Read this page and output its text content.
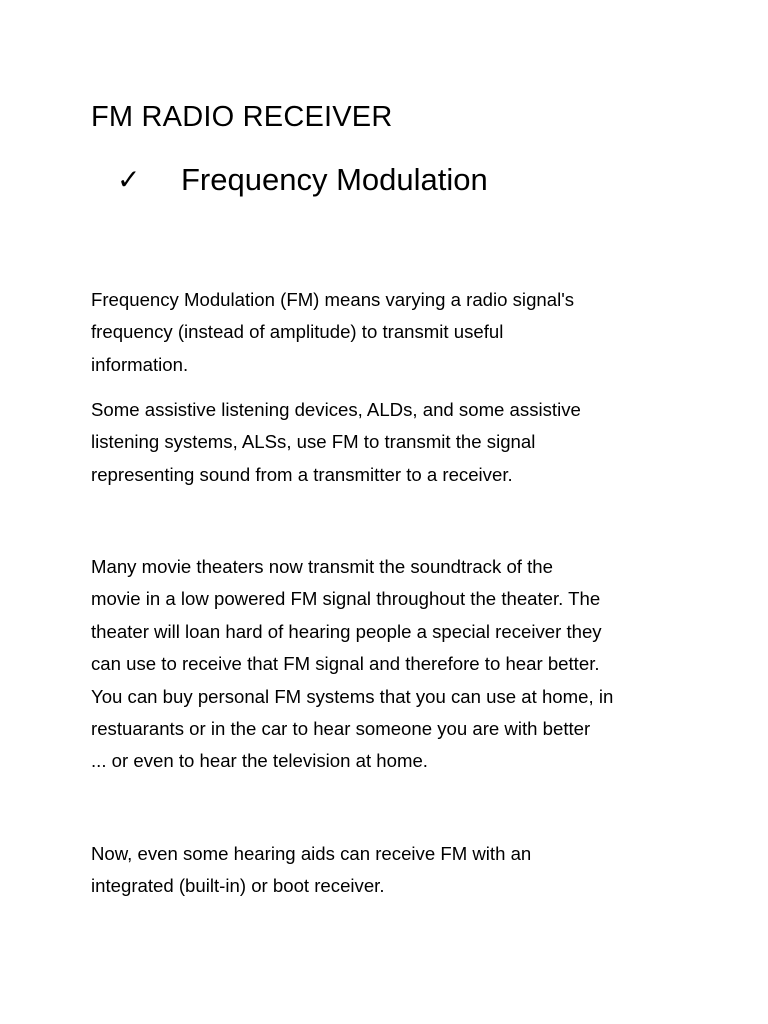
FM RADIO RECEIVER
✓ Frequency Modulation

Frequency Modulation (FM) means varying a radio signal's
frequency (instead of amplitude) to transmit useful
information.

Some assistive listening devices, ALDs, and some assistive
listening systems, ALSs, use FM to transmit the signal
representing sound from a transmitter to a receiver.

Many movie theaters now transmit the soundtrack of the
movie in a low powered FM signal throughout the theater. The
theater will loan hard of hearing people a special receiver they
can use to receive that FM signal and therefore to hear better.
You can buy personal FM systems that you can use at home, in
restuarants or in the car to hear someone you are with better
... or even to hear the television at home.

Now, even some hearing aids can receive FM with an
integrated (built-in) or boot receiver.
